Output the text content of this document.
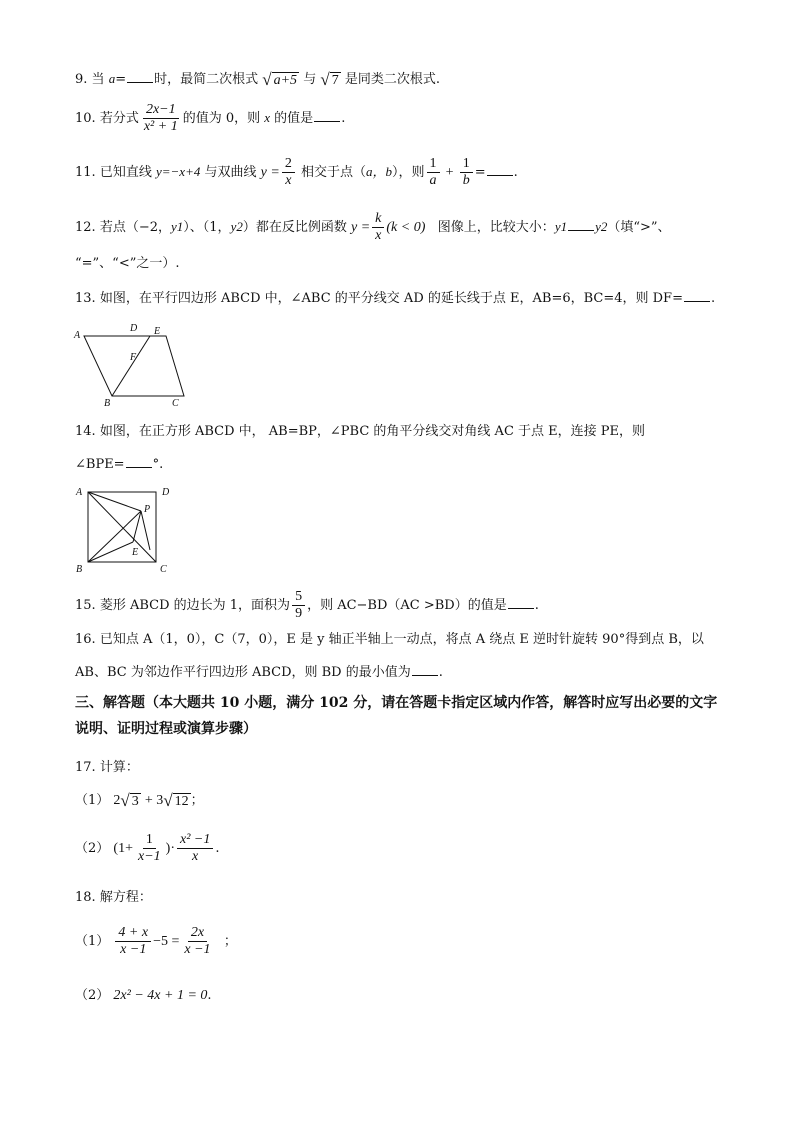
9. 当 a= 时，最简二次根式 √ a+5 与 √ 7 是同类二次根式.
10. 若分式 $\frac{2x-1}{\text{x² + 1}}$ 的值为 0，则 x 的值是 .
11. 已知直线 y=−x+4 与双曲线 $y = \frac{2}{x}$ 相交于点（a，b），则 $\frac{1}{a} + \frac{1}{b}$ = .
12. 若点（−2，y1）、（1，y2）都在反比例函数 $y = \frac{k}{x} (k < 0)$ 图像上，比较大小：y1 y2（填“>”、
“=”、“<”之一）.
13. 如图，在平行四边形 ABCD 中，∠ABC 的平分线交 AD 的延长线于点 E，AB=6，BC=4，则 DF= .
A
D E
F
B	C
14. 如图，在正方形 ABCD 中， AB=BP，∠PBC 的角平分线交对角线 AC 于点 E，连接 PE，则
∠BPE= °.
A	D
P
E
B	C
15. 菱形 ABCD 的边长为 1，面积为 $\frac{5}{9}$ ，则 AC−BD（AC >BD）的值是 .
16. 已知点 A（1，0），C（7，0），E 是 y 轴正半轴上一动点，将点 A 绕点 E 逆时针旋转 90°得到点 B，以
AB、BC 为邻边作平行四边形 ABCD，则 BD 的最小值为 .
三、解答题（本大题共 10 小题，满分 102 分，请在答题卡指定区域内作答，解答时应写出必要的文字说明、证明过程或演算步骤）
17. 计算：
（1） 2 √ 3 + 3 √ 12 ；
（2） ($1+ \frac{1}{x-1}$ )· $\frac{\text{x² −1}}{x}$ .
18. 解方程：
$(1) \frac{4 + x}{x -1} -5 = \frac{2x}{x -1}$ ；
（2） 2x² − 4x + 1 = 0.
